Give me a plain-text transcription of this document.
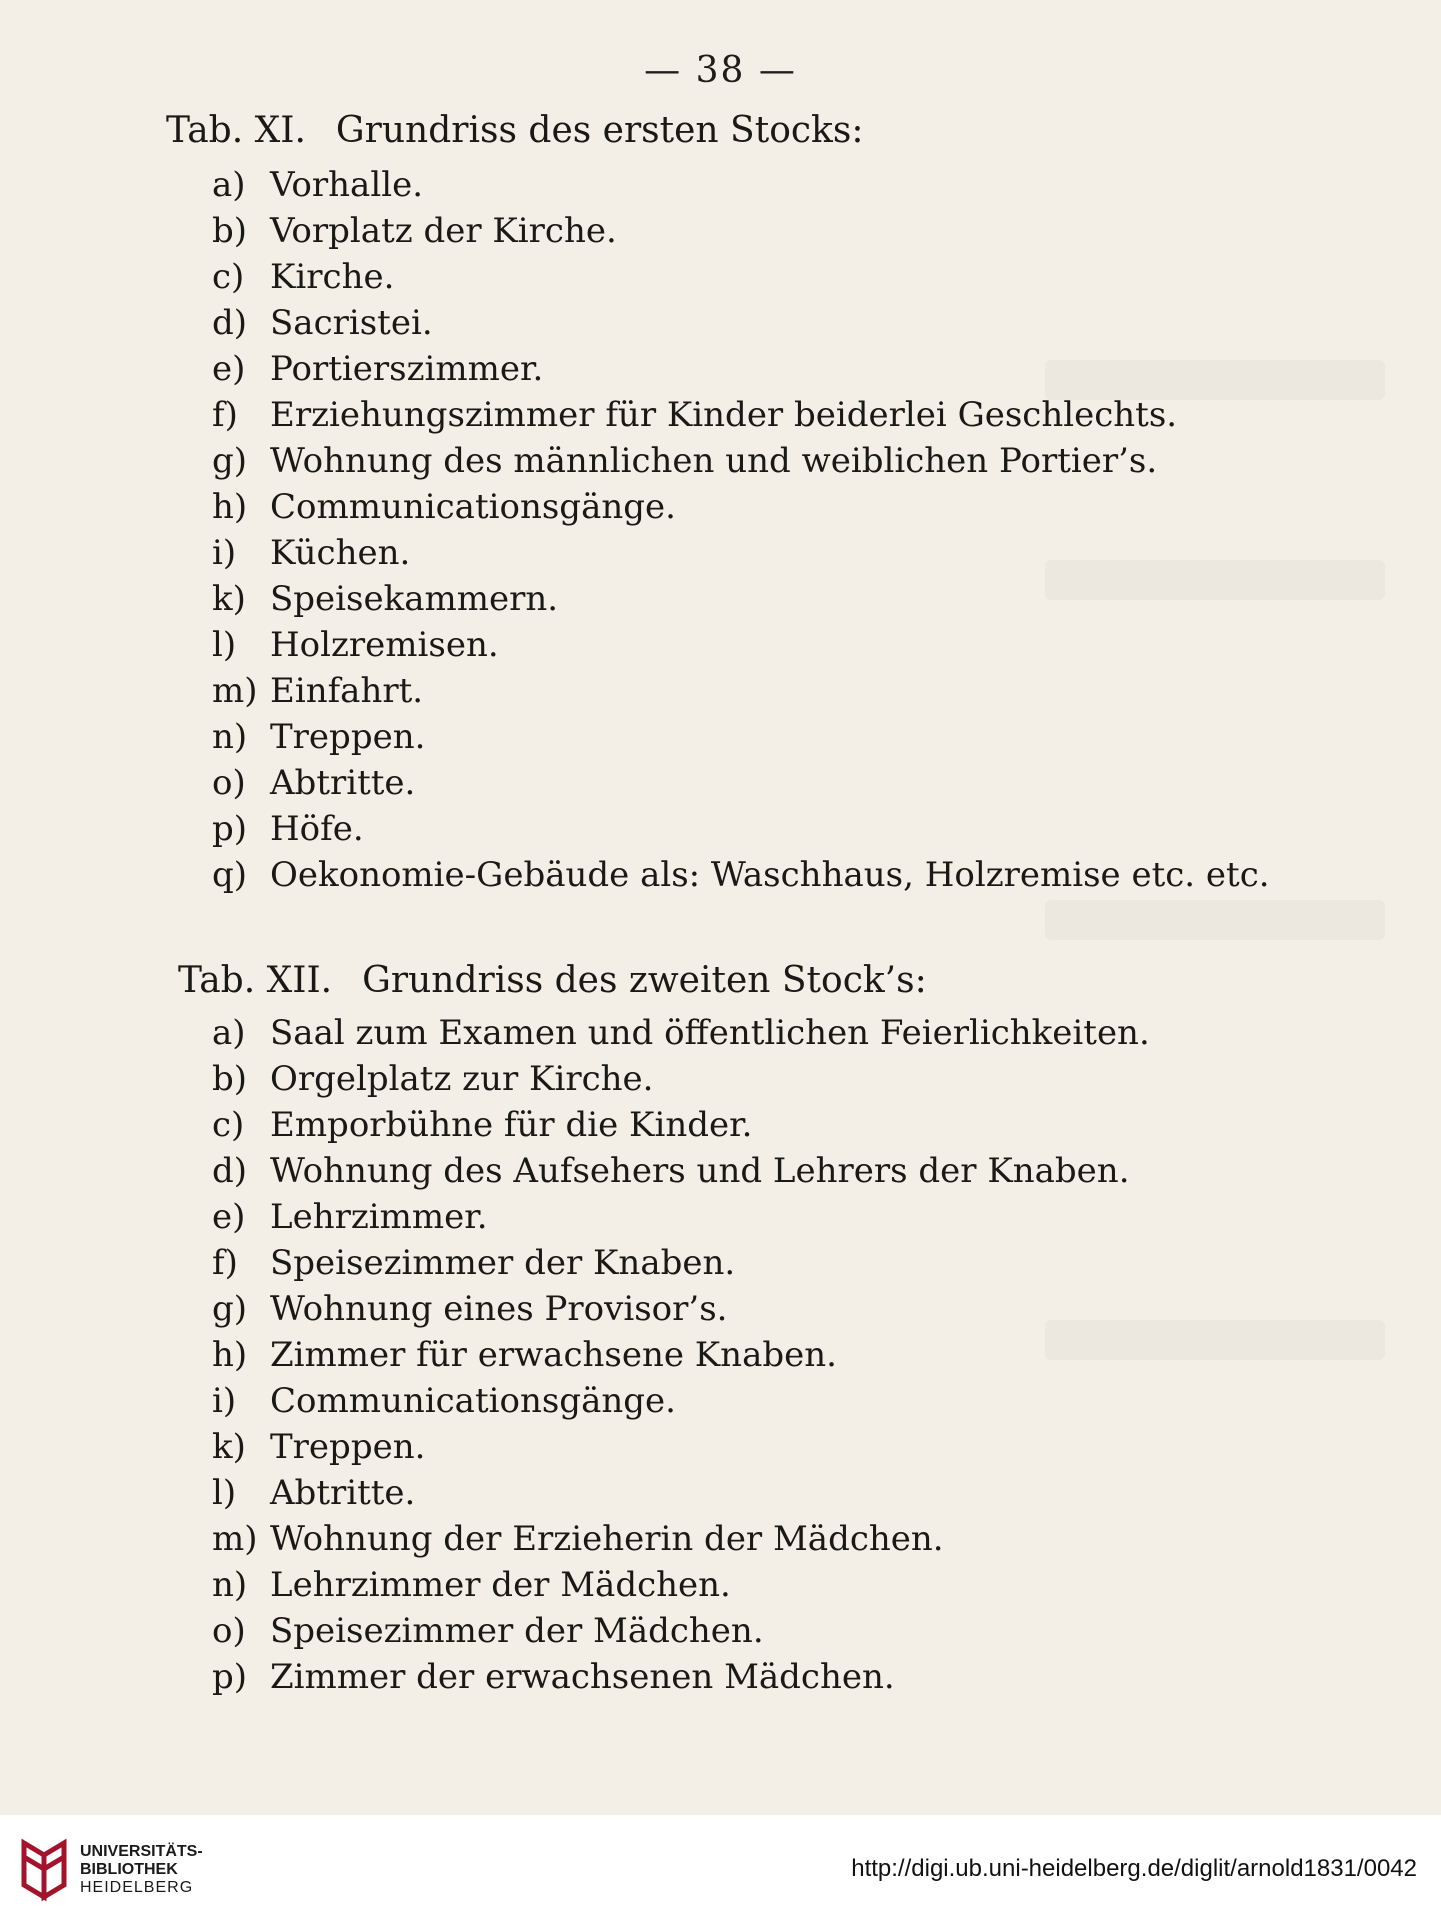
— 38 —
Tab. XI. Grundriss des ersten Stocks:
a) Vorhalle.
b) Vorplatz der Kirche.
c) Kirche.
d) Sacristei.
e) Portierszimmer.
f) Erziehungszimmer für Kinder beiderlei Geschlechts.
g) Wohnung des männlichen und weiblichen Portier’s.
h) Communicationsgänge.
i) Küchen.
k) Speisekammern.
l) Holzremisen.
m) Einfahrt.
n) Treppen.
o) Abtritte.
p) Höfe.
q) Oekonomie-Gebäude als: Waschhaus, Holzremise etc. etc.
Tab. XII. Grundriss des zweiten Stock’s:
a) Saal zum Examen und öffentlichen Feierlichkeiten.
b) Orgelplatz zur Kirche.
c) Emporbühne für die Kinder.
d) Wohnung des Aufsehers und Lehrers der Knaben.
e) Lehrzimmer.
f) Speisezimmer der Knaben.
g) Wohnung eines Provisor’s.
h) Zimmer für erwachsene Knaben.
i) Communicationsgänge.
k) Treppen.
l) Abtritte.
m) Wohnung der Erzieherin der Mädchen.
n) Lehrzimmer der Mädchen.
o) Speisezimmer der Mädchen.
p) Zimmer der erwachsenen Mädchen.
UNIVERSITÄTS-
BIBLIOTHEK
HEIDELBERG
http://digi.ub.uni-heidelberg.de/diglit/arnold1831/0042
